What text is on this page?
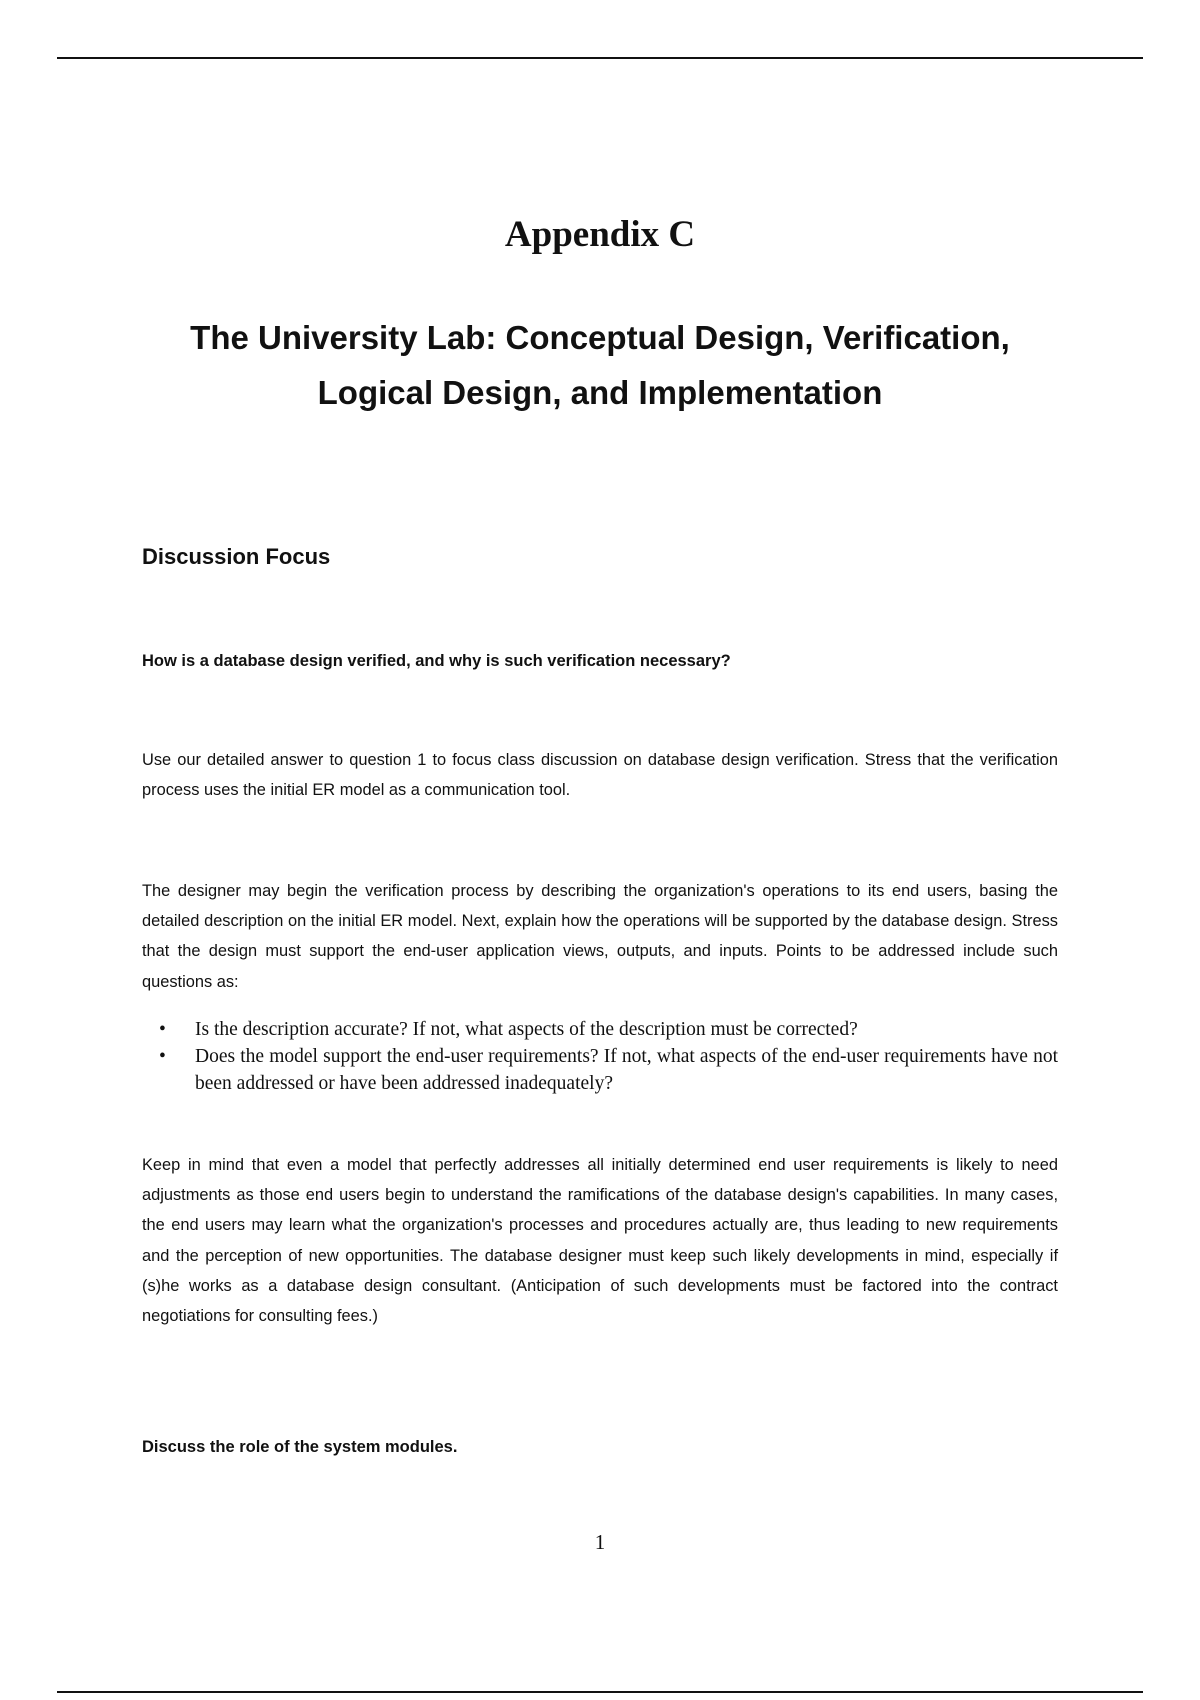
Appendix C
The University Lab: Conceptual Design, Verification,
Logical Design, and Implementation
Discussion Focus

How is a database design verified, and why is such verification necessary?

Use our detailed answer to question 1 to focus class discussion on database design verification. Stress that the verification process uses the initial ER model as a communication tool.

The designer may begin the verification process by describing the organization's operations to its end users, basing the detailed description on the initial ER model. Next, explain how the operations will be supported by the database design. Stress that the design must support the end-user application views, outputs, and inputs. Points to be addressed include such questions as:

• Is the description accurate? If not, what aspects of the description must be corrected?
• Does the model support the end-user requirements? If not, what aspects of the end-user requirements have not been addressed or have been addressed inadequately?

Keep in mind that even a model that perfectly addresses all initially determined end user requirements is likely to need adjustments as those end users begin to understand the ramifications of the database design's capabilities. In many cases, the end users may learn what the organization's processes and procedures actually are, thus leading to new requirements and the perception of new opportunities. The database designer must keep such likely developments in mind, especially if (s)he works as a database design consultant. (Anticipation of such developments must be factored into the contract negotiations for consulting fees.)

Discuss the role of the system modules.

1
